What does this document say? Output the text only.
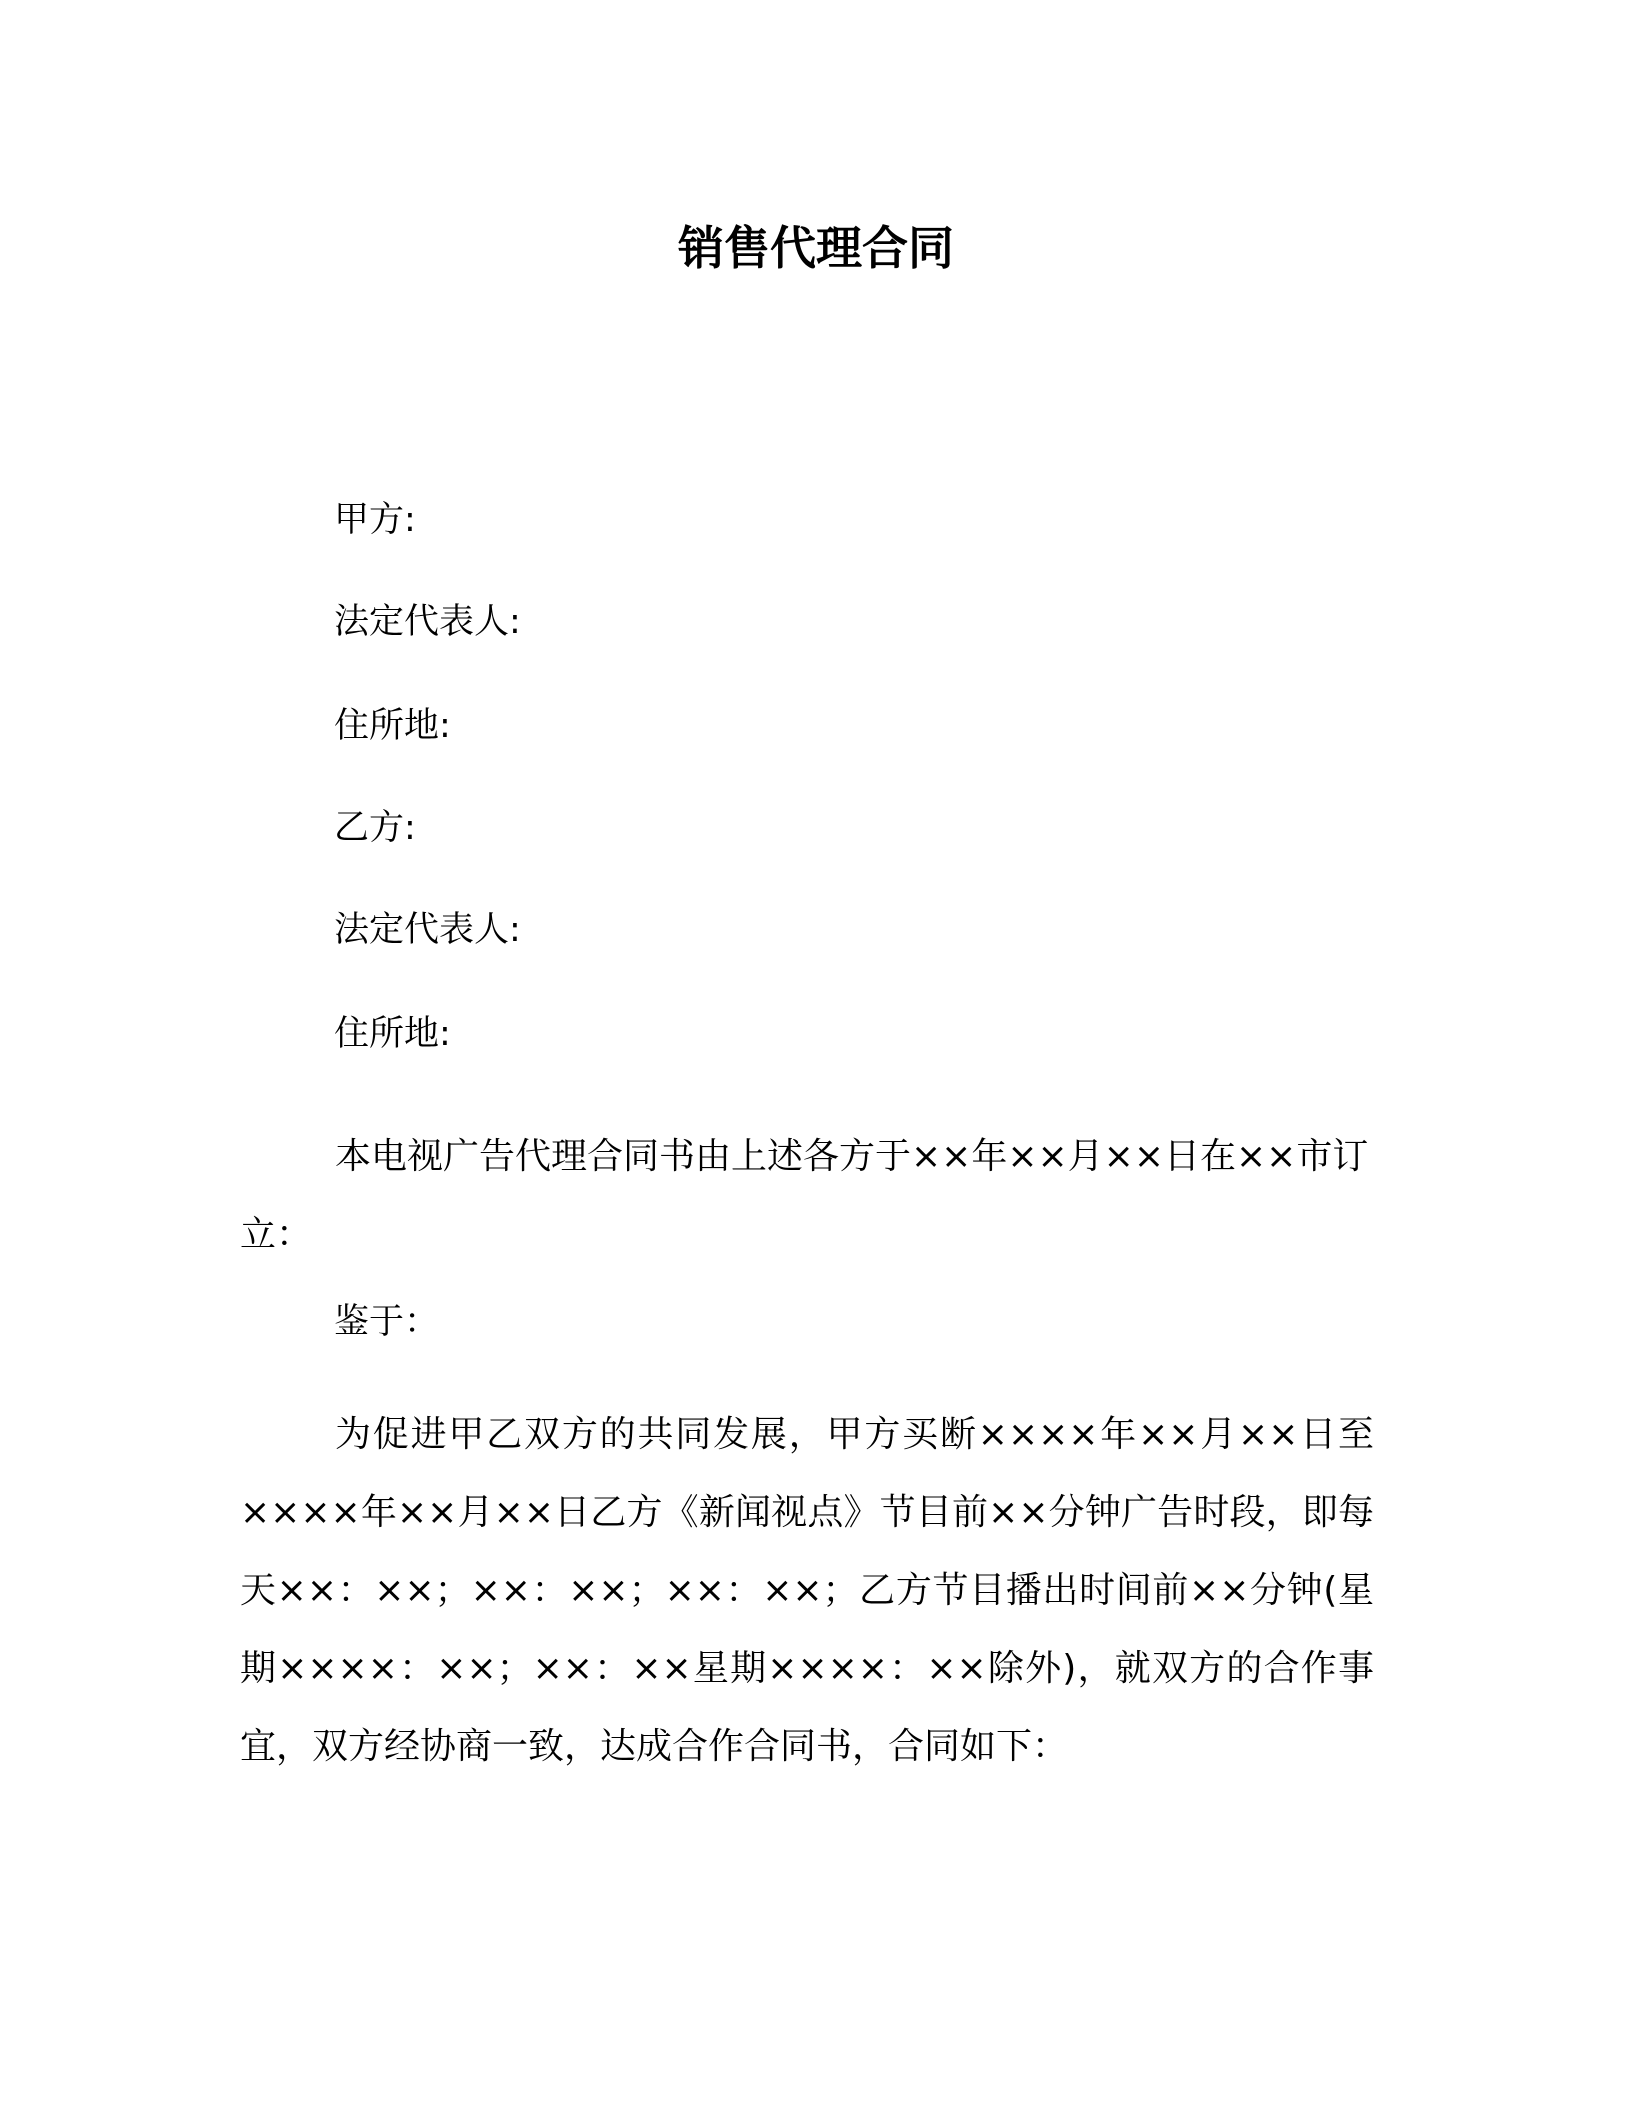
销售代理合同
甲方:
法定代表人:
住所地:
乙方:
法定代表人:
住所地:
本电视广告代理合同书由上述各方于××年××月××日在××市订立：
鉴于：
为促进甲乙双方的共同发展，甲方买断××××年××月××日至 ××××年××月××日乙方《新闻视点》节目前××分钟广告时段，即每天××：××；××：××；××：××；乙方节目播出时间前××分钟(星期××××：××；××：××星期××××：××除外)，就双方的合作事宜，双方经协商一致，达成合作合同书，合同如下：
